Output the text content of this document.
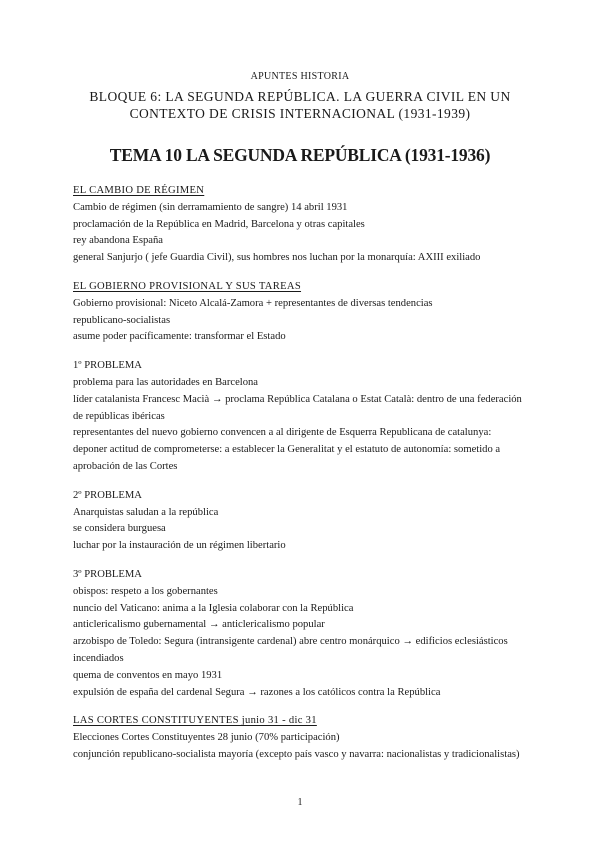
APUNTES HISTORIA
BLOQUE 6: LA SEGUNDA REPÚBLICA. LA GUERRA CIVIL EN UN CONTEXTO DE CRISIS INTERNACIONAL (1931-1939)
TEMA 10 LA SEGUNDA REPÚBLICA (1931-1936)
EL CAMBIO DE RÉGIMEN
Cambio de régimen (sin derramamiento de sangre) 14 abril 1931
proclamación de la República en Madrid, Barcelona y otras capitales
rey abandona España
general Sanjurjo ( jefe Guardia Civil), sus hombres nos luchan por la monarquía: AXIII exiliado
EL GOBIERNO PROVISIONAL Y SUS TAREAS
Gobierno provisional: Niceto Alcalá-Zamora + representantes de diversas tendencias republicano-socialistas
asume poder pacíficamente: transformar el Estado
1º PROBLEMA
problema para las autoridades en Barcelona
líder catalanista Francesc Macià → proclama República Catalana o Estat Català: dentro de una federación de repúblicas ibéricas
representantes del nuevo gobierno convencen a al dirigente de Esquerra Republicana de catalunya: deponer actitud de comprometerse: a establecer la Generalitat y el estatuto de autonomía: sometido a aprobación de las Cortes
2º PROBLEMA
Anarquistas saludan a la república
se considera burguesa
luchar por la instauración de un régimen libertario
3º PROBLEMA
obispos: respeto a los gobernantes
nuncio del Vaticano: anima a la Iglesia colaborar con la República
anticlericalismo gubernamental → anticlericalismo popular
arzobispo de Toledo: Segura (intransigente cardenal) abre centro monárquico → edificios eclesiásticos incendiados
quema de conventos en mayo 1931
expulsión de españa del cardenal Segura → razones a los católicos contra la República
LAS CORTES CONSTITUYENTES junio 31 - dic 31
Elecciones Cortes Constituyentes 28 junio (70% participación)
conjunción republicano-socialista mayoría (excepto país vasco y navarra: nacionalistas y tradicionalistas)
1
